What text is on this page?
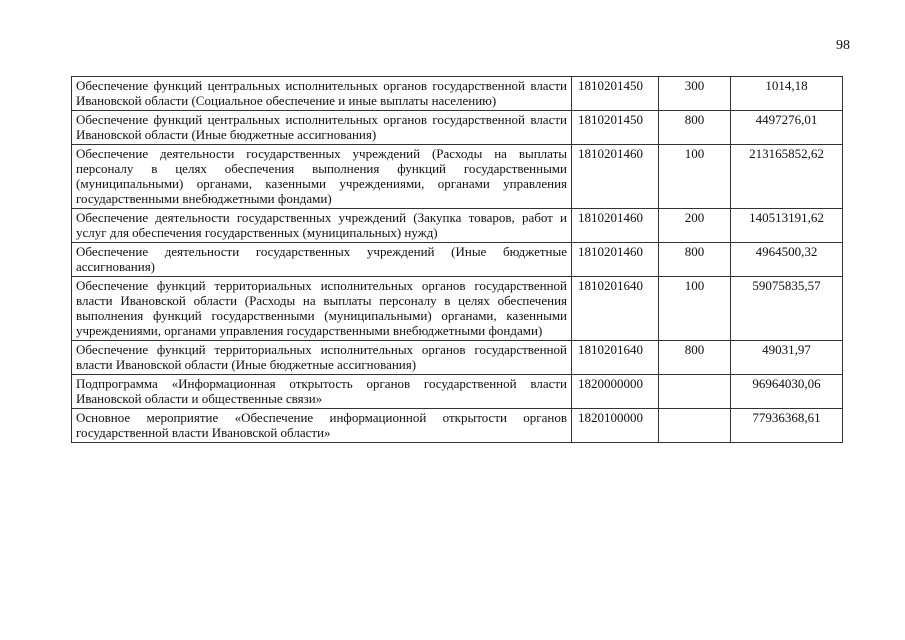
98
Обеспечение функций центральных исполнительных органов государственной власти Ивановской области (Социальное обеспечение и иные выплаты населению)	1810201450	300	1014,18
Обеспечение функций центральных исполнительных органов государственной власти Ивановской области (Иные бюджетные ассигнования)	1810201450	800	4497276,01
Обеспечение деятельности государственных учреждений (Расходы на выплаты персоналу в целях обеспечения выполнения функций государственными (муниципальными) органами, казенными учреждениями, органами управления государственными внебюджетными фондами)	1810201460	100	213165852,62
Обеспечение деятельности государственных учреждений (Закупка товаров, работ и услуг для обеспечения государственных (муниципальных) нужд)	1810201460	200	140513191,62
Обеспечение деятельности государственных учреждений (Иные бюджетные ассигнования)	1810201460	800	4964500,32
Обеспечение функций территориальных исполнительных органов государственной власти Ивановской области (Расходы на выплаты персоналу в целях обеспечения выполнения функций государственными (муниципальными) органами, казенными учреждениями, органами управления государственными внебюджетными фондами)	1810201640	100	59075835,57
Обеспечение функций территориальных исполнительных органов государственной власти Ивановской области (Иные бюджетные ассигнования)	1810201640	800	49031,97
Подпрограмма «Информационная открытость органов государственной власти Ивановской области и общественные связи»	1820000000		96964030,06
Основное мероприятие «Обеспечение информационной открытости органов государственной власти Ивановской области»	1820100000		77936368,61
